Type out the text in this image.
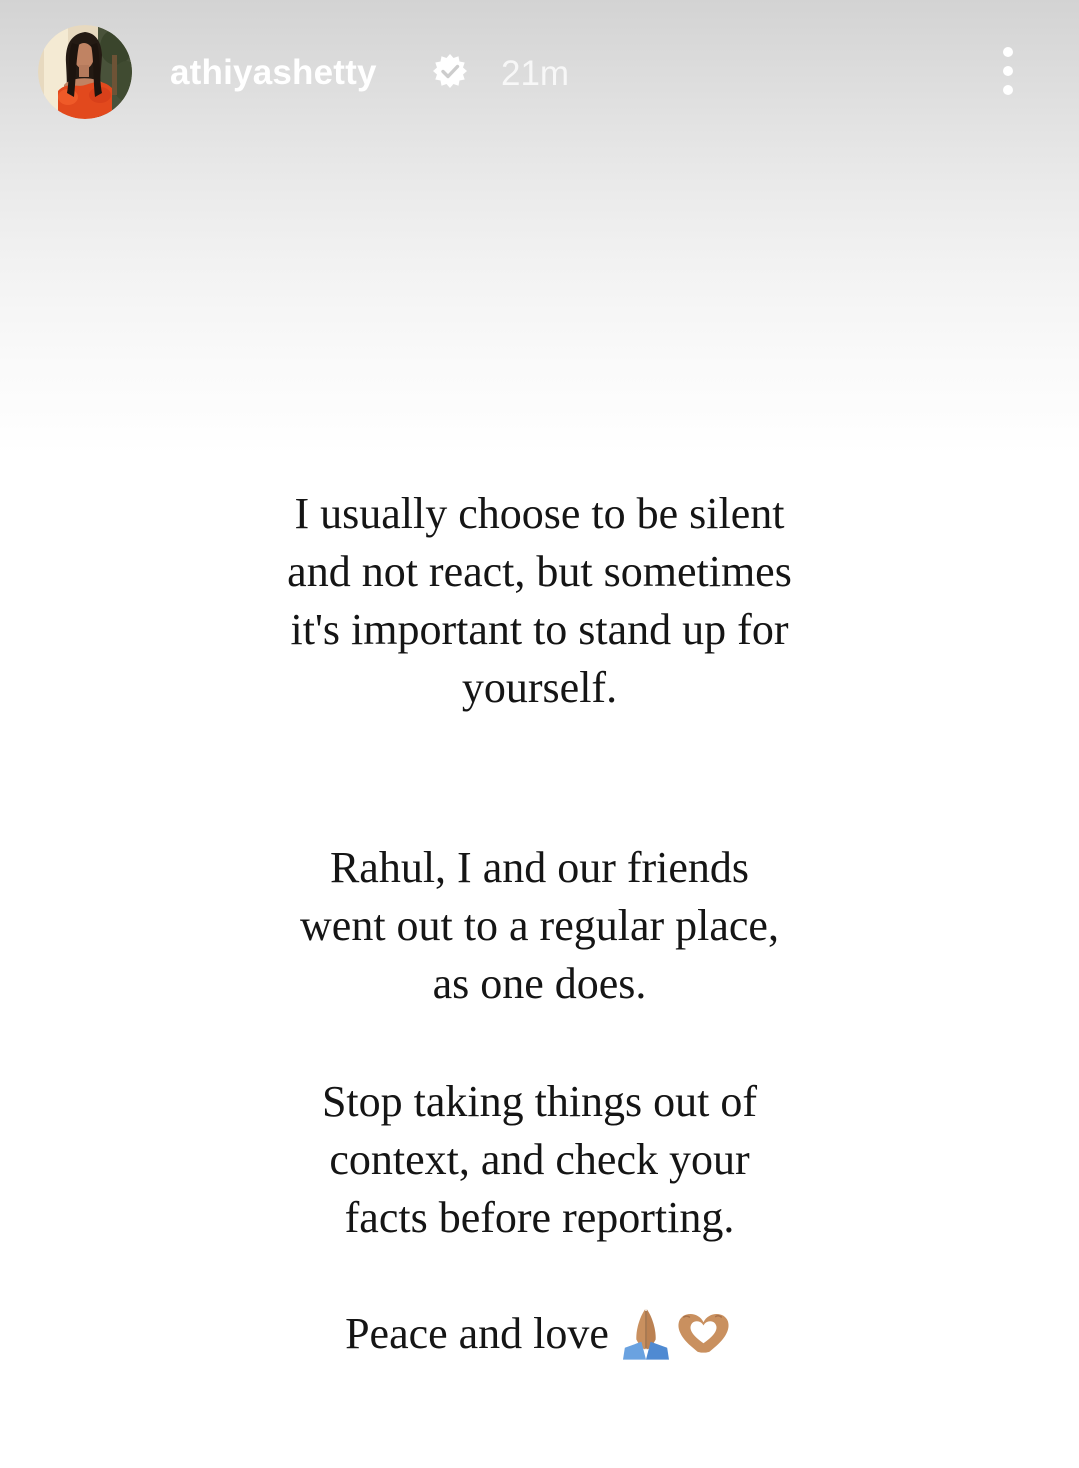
athiyashetty	21m
I usually choose to be silent
and not react, but sometimes
it's important to stand up for
yourself.
Rahul, I and our friends
went out to a regular place,
as one does.
Stop taking things out of
context, and check your
facts before reporting.
Peace and love
